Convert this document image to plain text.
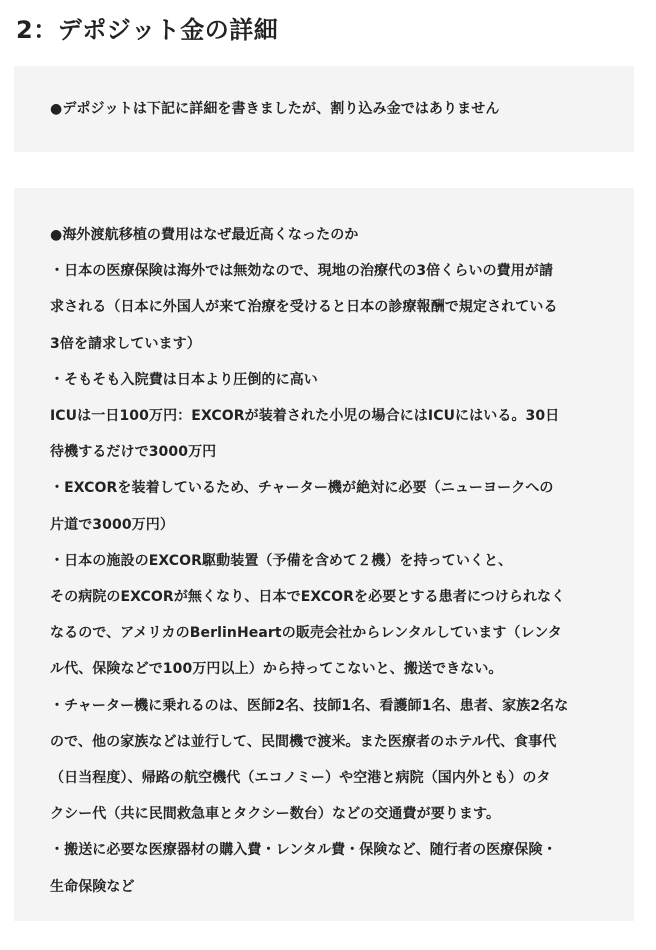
2：デポジット金の詳細

●デポジットは下記に詳細を書きましたが、割り込み金ではありません

●海外渡航移植の費用はなぜ最近高くなったのか

・日本の医療保険は海外では無効なので、現地の治療代の3倍くらいの費用が請

求される（日本に外国人が来て治療を受けると日本の診療報酬で規定されている

3倍を請求しています）

・そもそも入院費は日本より圧倒的に高い

ICUは一日100万円：EXCORが装着された小児の場合にはICUにはいる。30日

待機するだけで3000万円

・EXCORを装着しているため、チャーター機が絶対に必要（ニューヨークへの

片道で3000万円）

・日本の施設のEXCOR駆動装置（予備を含めて２機）を持っていくと、

その病院のEXCORが無くなり、日本でEXCORを必要とする患者につけられなく

なるので、アメリカのBerlinHeartの販売会社からレンタルしています（レンタ

ル代、保険などで100万円以上）から持ってこないと、搬送できない。

・チャーター機に乗れるのは、医師2名、技師1名、看護師1名、患者、家族2名な

ので、他の家族などは並行して、民間機で渡米。また医療者のホテル代、食事代

（日当程度）、帰路の航空機代（エコノミー）や空港と病院（国内外とも）のタ

クシー代（共に民間救急車とタクシー数台）などの交通費が要ります。

・搬送に必要な医療器材の購入費・レンタル費・保険など、随行者の医療保険・

生命保険など
